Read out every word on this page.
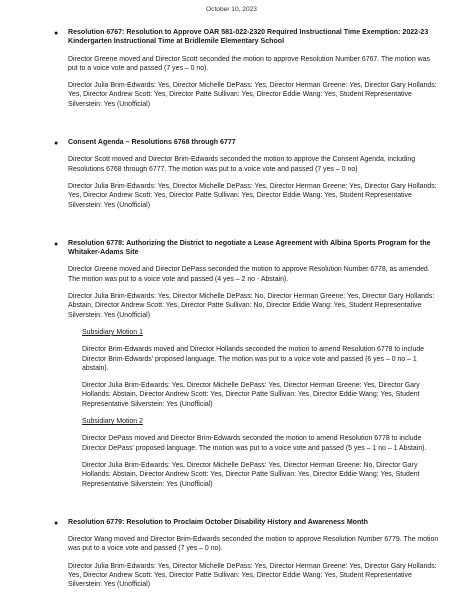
October 10, 2023
● Resolution 6767: Resolution to Approve OAR 581-022-2320 Required Instructional Time Exemption: 2022-23 Kindergarten Instructional Time at Bridlemile Elementary School
Director Greene moved and Director Scott seconded the motion to approve Resolution Number 6767. The motion was put to a voice vote and passed (7 yes – 0 no).
Director Julia Brim-Edwards: Yes, Director Michelle DePass: Yes, Director Herman Greene: Yes, Director Gary Hollands: Yes, Director Andrew Scott: Yes, Director Patte Sullivan: Yes, Director Eddie Wang: Yes, Student Representative Silverstein: Yes (Unofficial)
● Consent Agenda – Resolutions 6768 through 6777
Director Scott moved and Director Brim-Edwards seconded the motion to approve the Consent Agenda, including Resolutions 6768 through 6777. The motion was put to a voice vote and passed (7 yes – 0 no)
Director Julia Brim-Edwards: Yes, Director Michelle DePass: Yes, Director Herman Greene: Yes, Director Gary Hollands: Yes, Director Andrew Scott: Yes, Director Patte Sullivan: Yes, Director Eddie Wang: Yes, Student Representative Silverstein: Yes (Unofficial)
● Resolution 6778: Authorizing the District to negotiate a Lease Agreement with Albina Sports Program for the Whitaker-Adams Site
Director Greene moved and Director DePass seconded the motion to approve Resolution Number 6778, as amended. The motion was put to a voice vote and passed (4 yes – 2 no - Abstain).
Director Julia Brim-Edwards: Yes, Director Michelle DePass: No, Director Herman Greene: Yes, Director Gary Hollands: Abstain, Director Andrew Scott: Yes, Director Patte Sullivan: No, Director Eddie Wang: Yes, Student Representative Silverstein: Yes (Unofficial)
Subsidiary Motion 1
Director Brim-Edwards moved and Director Hollands seconded the motion to amend Resolution 6778 to include Director Brim-Edwards' proposed language. The motion was put to a voice vote and passed (6 yes – 0 no – 1 abstain).
Director Julia Brim-Edwards: Yes, Director Michelle DePass: Yes, Director Herman Greene: Yes, Director Gary Hollands: Abstain, Director Andrew Scott: Yes, Director Patte Sullivan: Yes, Director Eddie Wang: Yes, Student Representative Silverstein: Yes (Unofficial)
Subsidiary Motion 2
Director DePass moved and Director Brim-Edwards seconded the motion to amend Resolution 6778 to include Director DePass' proposed language. The motion was put to a voice vote and passed (5 yes – 1 no – 1 Abstain).
Director Julia Brim-Edwards: Yes, Director Michelle DePass: Yes, Director Herman Greene: No, Director Gary Hollands: Abstain, Director Andrew Scott: Yes, Director Patte Sullivan: Yes, Director Eddie Wang: Yes, Student Representative Silverstein: Yes (Unofficial)
● Resolution 6779: Resolution to Proclaim October Disability History and Awareness Month
Director Wang moved and Director Brim-Edwards seconded the motion to approve Resolution Number 6779. The motion was put to a voice vote and passed (7 yes – 0 no).
Director Julia Brim-Edwards: Yes, Director Michelle DePass: Yes, Director Herman Greene: Yes, Director Gary Hollands: Yes, Director Andrew Scott: Yes, Director Patte Sullivan: Yes, Director Eddie Wang: Yes, Student Representative Silverstein: Yes (Unofficial)
